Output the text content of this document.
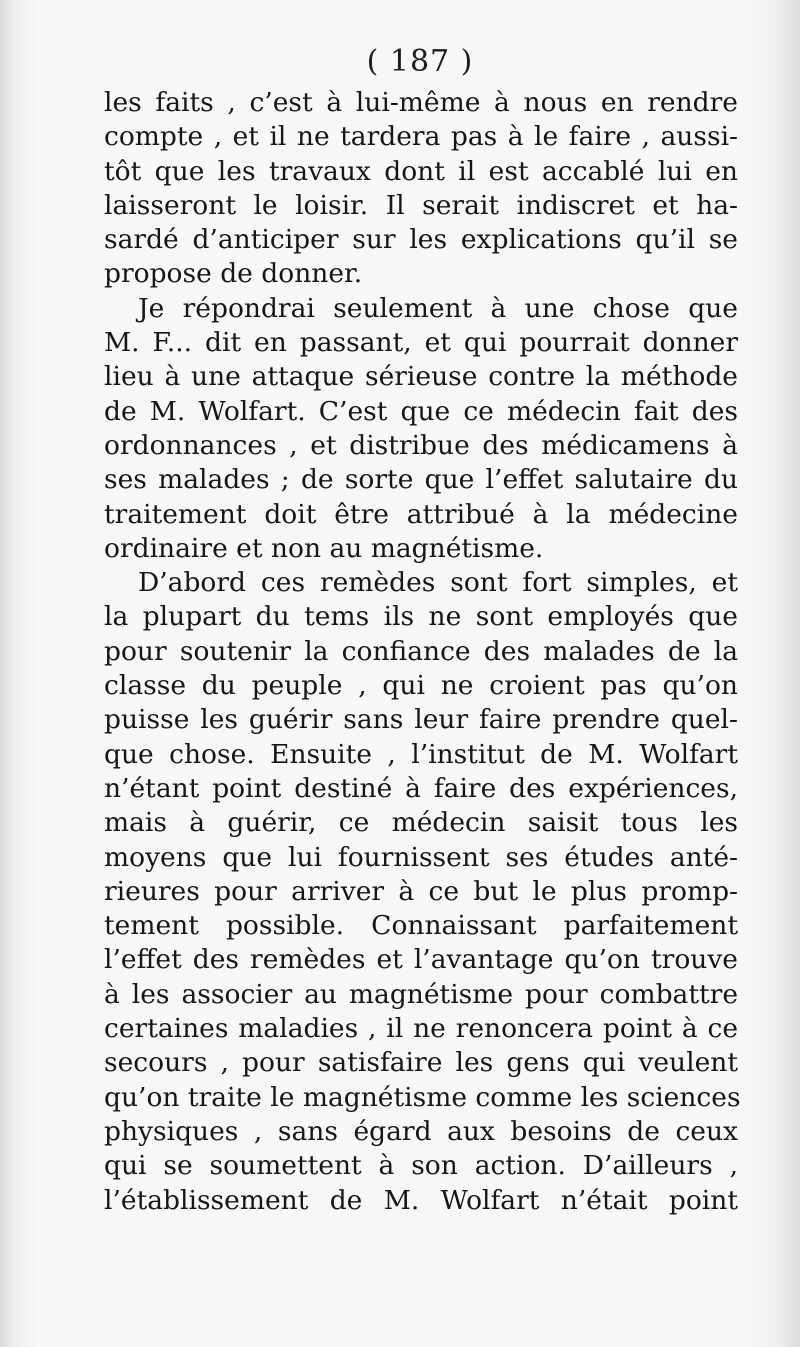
( 187 )
les faits , c’est à lui-même à nous en rendre
compte , et il ne tardera pas à le faire , aussi-
tôt que les travaux dont il est accablé lui en
laisseront le loisir. Il serait indiscret et ha-
sardé d’anticiper sur les explications qu’il se
propose de donner.
Je répondrai seulement à une chose que
M. F... dit en passant, et qui pourrait donner
lieu à une attaque sérieuse contre la méthode
de M. Wolfart. C’est que ce médecin fait des
ordonnances , et distribue des médicamens à
ses malades ; de sorte que l’effet salutaire du
traitement doit être attribué à la médecine
ordinaire et non au magnétisme.
D’abord ces remèdes sont fort simples, et
la plupart du tems ils ne sont employés que
pour soutenir la confiance des malades de la
classe du peuple , qui ne croient pas qu’on
puisse les guérir sans leur faire prendre quel-
que chose. Ensuite , l’institut de M. Wolfart
n’étant point destiné à faire des expériences,
mais à guérir, ce médecin saisit tous les
moyens que lui fournissent ses études anté-
rieures pour arriver à ce but le plus promp-
tement possible. Connaissant parfaitement
l’effet des remèdes et l’avantage qu’on trouve
à les associer au magnétisme pour combattre
certaines maladies , il ne renoncera point à ce
secours , pour satisfaire les gens qui veulent
qu’on traite le magnétisme comme les sciences
physiques , sans égard aux besoins de ceux
qui se soumettent à son action. D’ailleurs ,
l’établissement de M. Wolfart n’était point
